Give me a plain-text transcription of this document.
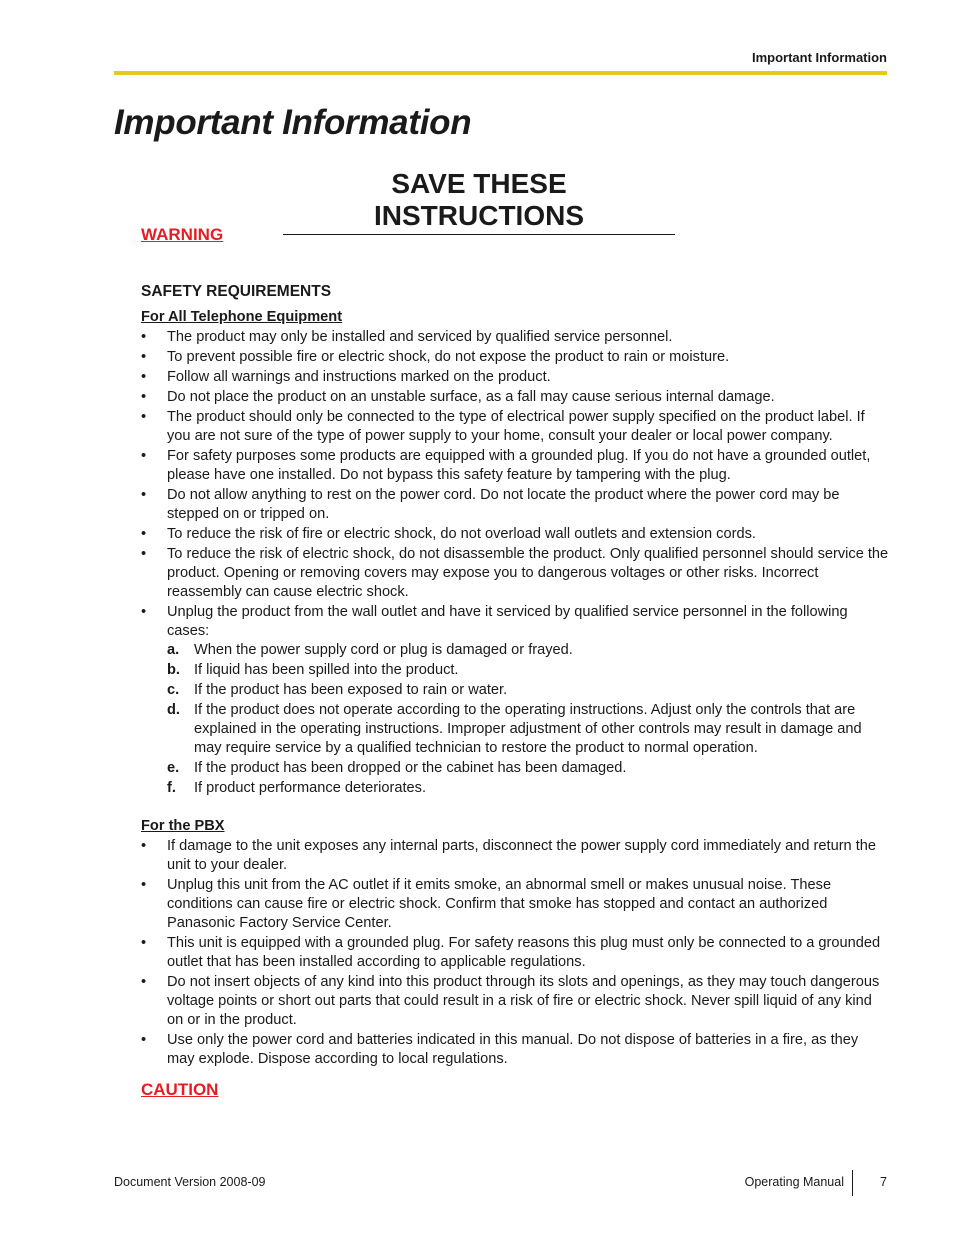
Important Information
Important Information
SAVE THESE INSTRUCTIONS
WARNING
SAFETY REQUIREMENTS
For All Telephone Equipment
• The product may only be installed and serviced by qualified service personnel.
• To prevent possible fire or electric shock, do not expose the product to rain or moisture.
• Follow all warnings and instructions marked on the product.
• Do not place the product on an unstable surface, as a fall may cause serious internal damage.
• The product should only be connected to the type of electrical power supply specified on the product label. If you are not sure of the type of power supply to your home, consult your dealer or local power company.
• For safety purposes some products are equipped with a grounded plug. If you do not have a grounded outlet, please have one installed. Do not bypass this safety feature by tampering with the plug.
• Do not allow anything to rest on the power cord. Do not locate the product where the power cord may be stepped on or tripped on.
• To reduce the risk of fire or electric shock, do not overload wall outlets and extension cords.
• To reduce the risk of electric shock, do not disassemble the product. Only qualified personnel should service the product. Opening or removing covers may expose you to dangerous voltages or other risks. Incorrect reassembly can cause electric shock.
• Unplug the product from the wall outlet and have it serviced by qualified service personnel in the following cases:
a. When the power supply cord or plug is damaged or frayed.
b. If liquid has been spilled into the product.
c. If the product has been exposed to rain or water.
d. If the product does not operate according to the operating instructions. Adjust only the controls that are explained in the operating instructions. Improper adjustment of other controls may result in damage and may require service by a qualified technician to restore the product to normal operation.
e. If the product has been dropped or the cabinet has been damaged.
f. If product performance deteriorates.
For the PBX
• If damage to the unit exposes any internal parts, disconnect the power supply cord immediately and return the unit to your dealer.
• Unplug this unit from the AC outlet if it emits smoke, an abnormal smell or makes unusual noise. These conditions can cause fire or electric shock. Confirm that smoke has stopped and contact an authorized Panasonic Factory Service Center.
• This unit is equipped with a grounded plug. For safety reasons this plug must only be connected to a grounded outlet that has been installed according to applicable regulations.
• Do not insert objects of any kind into this product through its slots and openings, as they may touch dangerous voltage points or short out parts that could result in a risk of fire or electric shock. Never spill liquid of any kind on or in the product.
• Use only the power cord and batteries indicated in this manual. Do not dispose of batteries in a fire, as they may explode. Dispose according to local regulations.
CAUTION
Document Version 2008-09	Operating Manual	7
